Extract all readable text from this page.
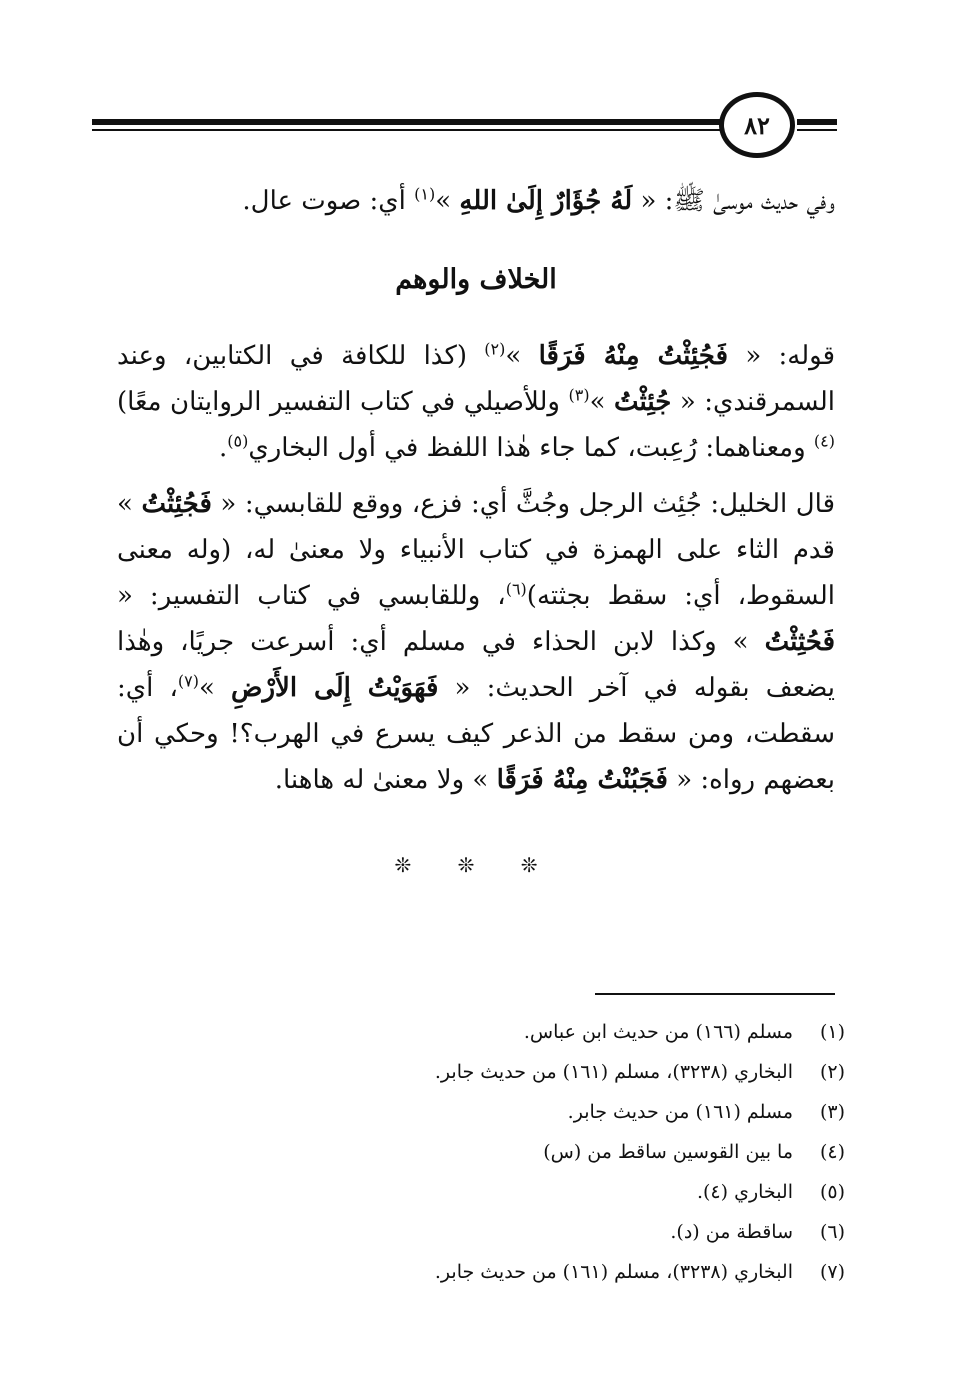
٨٢

وفي حديث موسىٰ ﷺ: « لَهُ جُؤَارٌ إِلَىٰ اللهِ »$^{(١)}$ أي: صوت عال.

الخلاف والوهم

قوله: « فَجُئِثْتُ مِنْهُ فَرَقًا »$^{(٢)}$ (كذا للكافة في الكتابين، وعند السمرقندي: « جُئِثْتُ »$^{(٣)}$ وللأصيلي في كتاب التفسير الروايتان معًا)$^{(٤)}$ ومعناهما: رُعِبت، كما جاء هٰذا اللفظ في أول البخاري$^{(٥)}$.

قال الخليل: جُئِث الرجل وجُثَّ أي: فزع، ووقع للقابسي: « فَجُئِثْتُ » قدم الثاء على الهمزة في كتاب الأنبياء ولا معنىٰ له، (وله معنى السقوط، أي: سقط بجثته)$^{(٦)}$، وللقابسي في كتاب التفسير: « فَحُثِثْتُ » وكذا لابن الحذاء في مسلم أي: أسرعت جريًا، وهٰذا يضعف بقوله في آخر الحديث: « فَهَوَيْتُ إِلَى الأَرْضِ »$^{(٧)}$، أي: سقطت، ومن سقط من الذعر كيف يسرع في الهرب؟! وحكي أن بعضهم رواه: « فَجَبُنْتُ مِنْهُ فَرَقًا » ولا معنىٰ له هاهنا.

❊ ❊ ❊
(١)
مسلم (١٦٦) من حديث ابن عباس.
(٢)
البخاري (٣٢٣٨)، مسلم (١٦١) من حديث جابر.
(٣)
مسلم (١٦١) من حديث جابر.
(٤)
ما بين القوسين ساقط من (س)
(٥)
البخاري (٤).
(٦)
ساقطة من (د).
(٧)
البخاري (٣٢٣٨)، مسلم (١٦١) من حديث جابر.
